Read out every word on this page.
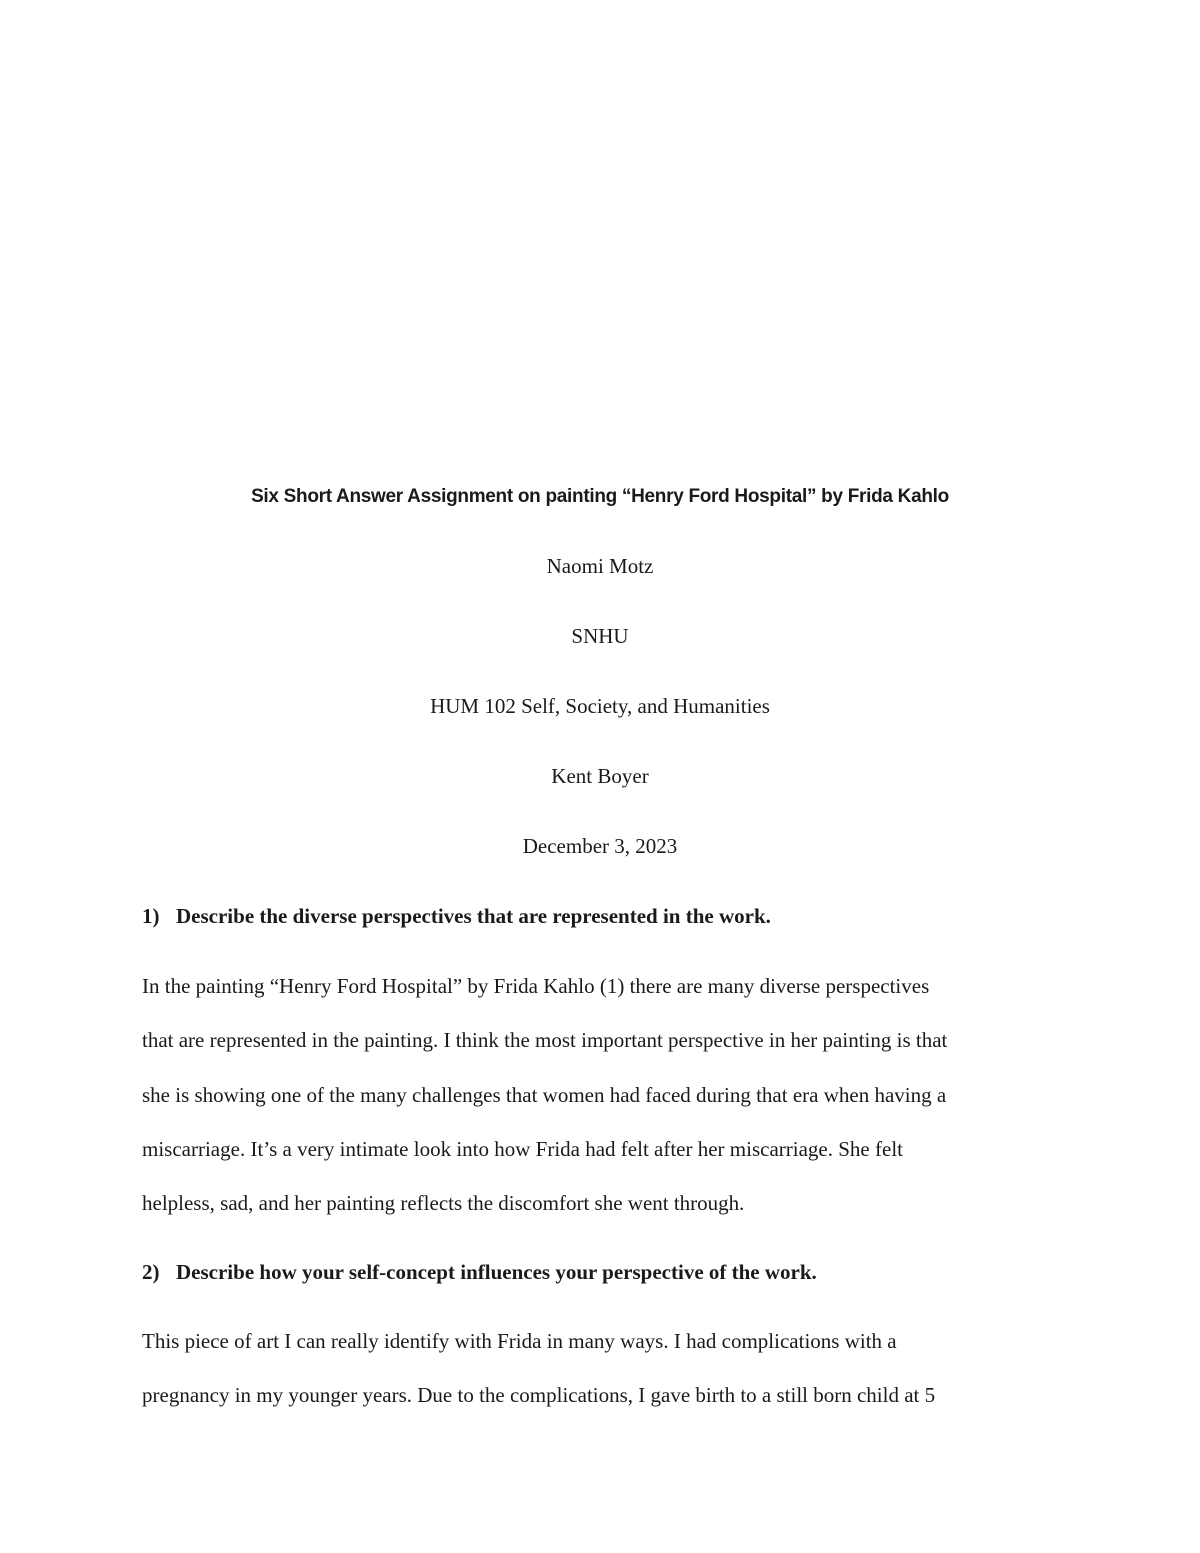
Six Short Answer Assignment on painting “Henry Ford Hospital” by Frida Kahlo
Naomi Motz
SNHU
HUM 102 Self, Society, and Humanities
Kent Boyer
December 3, 2023
1) Describe the diverse perspectives that are represented in the work.
In the painting “Henry Ford Hospital” by Frida Kahlo (1) there are many diverse perspectives
that are represented in the painting. I think the most important perspective in her painting is that
she is showing one of the many challenges that women had faced during that era when having a
miscarriage. It’s a very intimate look into how Frida had felt after her miscarriage. She felt
helpless, sad, and her painting reflects the discomfort she went through.
2) Describe how your self-concept influences your perspective of the work.
This piece of art I can really identify with Frida in many ways. I had complications with a
pregnancy in my younger years. Due to the complications, I gave birth to a still born child at 5
